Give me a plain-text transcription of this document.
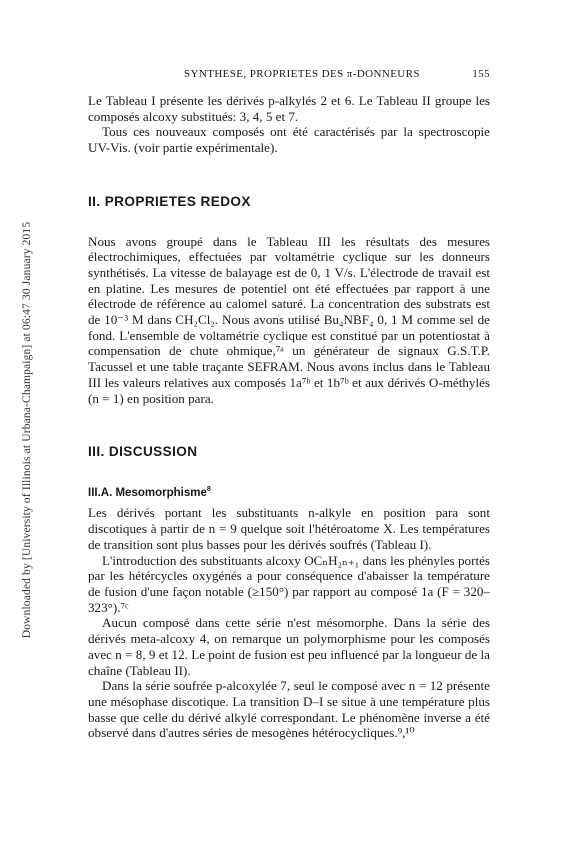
Downloaded by [University of Illinois at Urbana-Champaign] at 06:47 30 January 2015
SYNTHESE, PROPRIETES DES π-DONNEURS	155

Le Tableau I présente les dérivés p-alkylés 2 et 6. Le Tableau II groupe les composés alcoxy substitués: 3, 4, 5 et 7.

Tous ces nouveaux composés ont été caractérisés par la spectroscopie UV-Vis. (voir partie expérimentale).

II. PROPRIETES REDOX

Nous avons groupé dans le Tableau III les résultats des mesures électrochimiques, effectuées par voltamétrie cyclique sur les donneurs synthétisés. La vitesse de balayage est de 0, 1 V/s. L'électrode de travail est en platine. Les mesures de potentiel ont été effectuées par rapport à une électrode de référence au calomel saturé. La concentration des substrats est de 10⁻³ M dans CH₂Cl₂. Nous avons utilisé Bu₄NBF₄ 0, 1 M comme sel de fond. L'ensemble de voltamétrie cyclique est constitué par un potentiostat à compensation de chute ohmique,⁷ᵃ un générateur de signaux G.S.T.P. Tacussel et une table traçante SEFRAM. Nous avons inclus dans le Tableau III les valeurs relatives aux composés 1a⁷ᵇ et 1b⁷ᵇ et aux dérivés O-méthylés (n = 1) en position para.

III. DISCUSSION
III.A. Mesomorphisme$^8$

Les dérivés portant les substituants n-alkyle en position para sont discotiques à partir de n = 9 quelque soit l'hétéroatome X. Les températures de transition sont plus basses pour les dérivés soufrés (Tableau I).

L'introduction des substituants alcoxy OCₙH₂ₙ₊₁ dans les phényles portés par les hétércycles oxygénés a pour conséquence d'abaisser la température de fusion d'une façon notable (≥150°) par rapport au composé 1a (F = 320–323°).⁷ᶜ

Aucun composé dans cette série n'est mésomorphe. Dans la série des dérivés meta-alcoxy 4, on remarque un polymorphisme pour les composés avec n = 8, 9 et 12. Le point de fusion est peu influencé par la longueur de la chaîne (Tableau II).

Dans la série soufrée p-alcoxylée 7, seul le composé avec n = 12 présente une mésophase discotique. La transition D–I se situe à une température plus basse que celle du dérivé alkylé correspondant. Le phénomène inverse a été observé dans d'autres séries de mesogènes hétérocycliques.⁹,¹⁰
